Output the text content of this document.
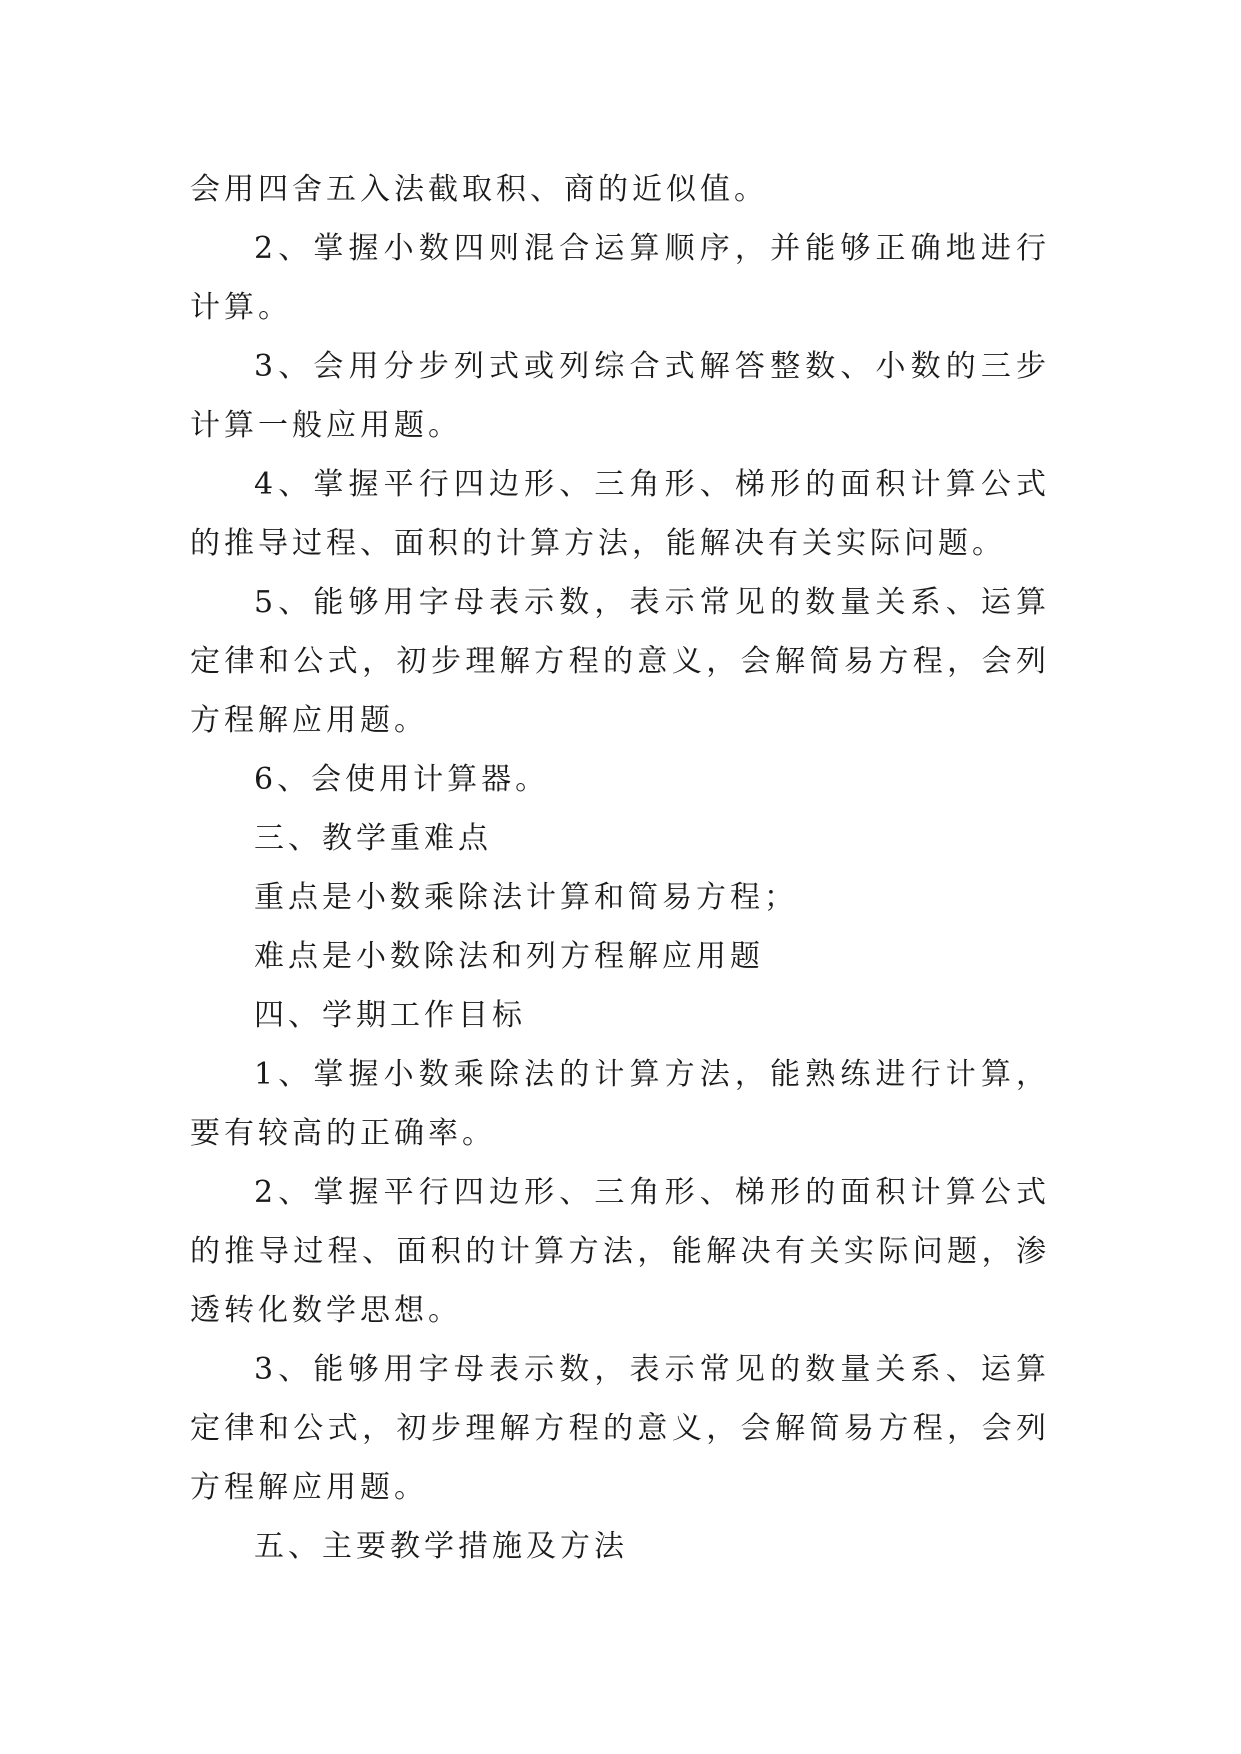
会用四舍五入法截取积、商的近似值。

2、掌握小数四则混合运算顺序，并能够正确地进行计算。

3、会用分步列式或列综合式解答整数、小数的三步计算一般应用题。

4、掌握平行四边形、三角形、梯形的面积计算公式的推导过程、面积的计算方法，能解决有关实际问题。

5、能够用字母表示数，表示常见的数量关系、运算定律和公式，初步理解方程的意义，会解简易方程，会列方程解应用题。

6、会使用计算器。

三、教学重难点

重点是小数乘除法计算和简易方程；

难点是小数除法和列方程解应用题

四、学期工作目标

1、掌握小数乘除法的计算方法，能熟练进行计算，要有较高的正确率。

2、掌握平行四边形、三角形、梯形的面积计算公式的推导过程、面积的计算方法，能解决有关实际问题，渗透转化数学思想。

3、能够用字母表示数，表示常见的数量关系、运算定律和公式，初步理解方程的意义，会解简易方程，会列方程解应用题。

五、主要教学措施及方法
